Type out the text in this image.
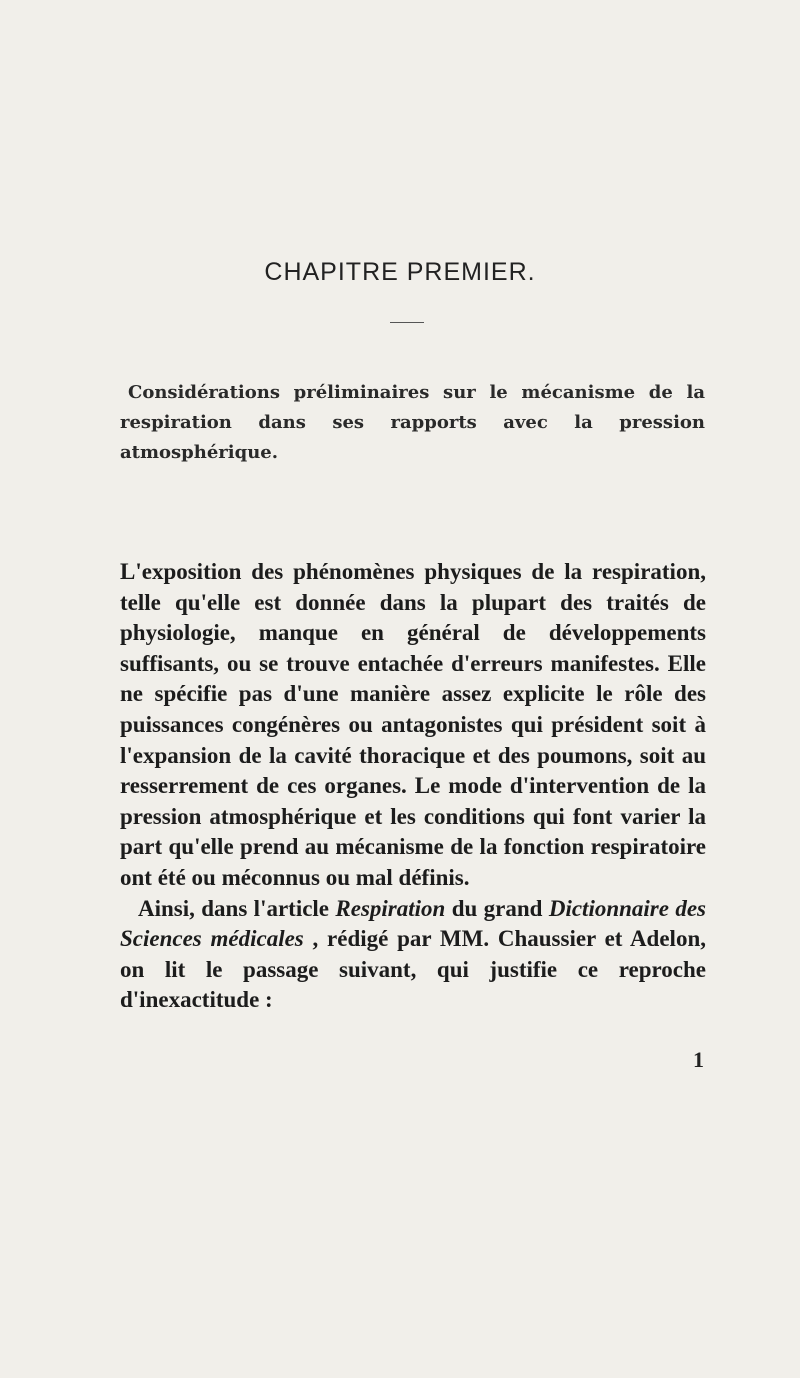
CHAPITRE PREMIER.
Considérations préliminaires sur le mécanisme de la respiration dans ses rapports avec la pression atmosphérique.

L'exposition des phénomènes physiques de la respiration, telle qu'elle est donnée dans la plupart des traités de physiologie, manque en général de développements suffisants, ou se trouve entachée d'erreurs manifestes. Elle ne spécifie pas d'une manière assez explicite le rôle des puissances congénères ou antagonistes qui président soit à l'expansion de la cavité thoracique et des poumons, soit au resserrement de ces organes. Le mode d'intervention de la pression atmosphérique et les conditions qui font varier la part qu'elle prend au mécanisme de la fonction respiratoire ont été ou méconnus ou mal définis.

Ainsi, dans l'article Respiration du grand Dictionnaire des Sciences médicales , rédigé par MM. Chaussier et Adelon, on lit le passage suivant, qui justifie ce reproche d'inexactitude :

1
